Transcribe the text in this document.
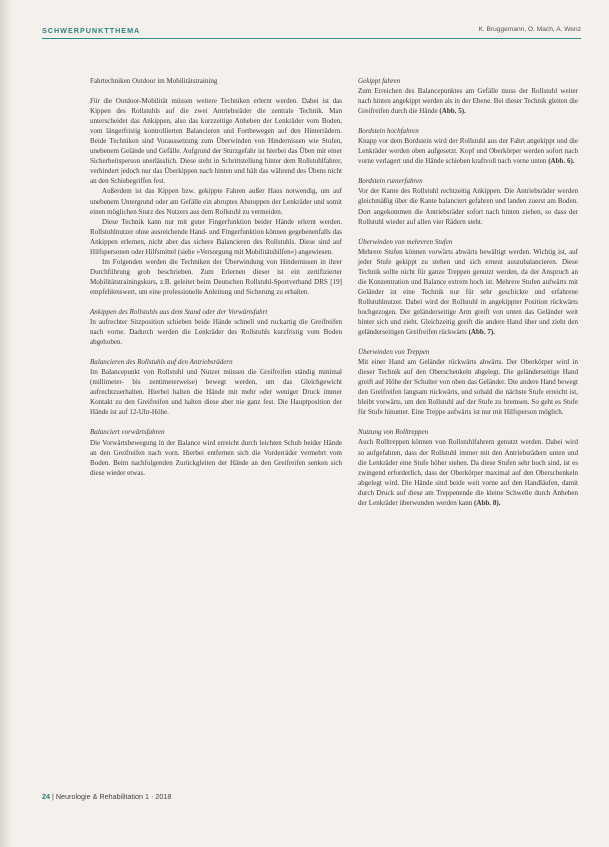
SCHWERPUNKTTHEMA	K. Bruggemann, O. Mach, A. Wenz

Fahrtechniken Outdoor im Mobilitätstraining

Für die Outdoor-Mobilität müssen weitere Techniken erlernt werden. Dabei ist das Kippen des Rollstuhls auf die zwei Antriebsräder die zentrale Technik. Man unterscheidet das Ankippen, also das kurzzeitige Anheben der Lenkräder vom Boden, vom längerfristig kontrollierten Balancieren und Fortbewegen auf den Hinterrädern. Beide Techniken sind Voraussetzung zum Überwinden von Hindernissen wie Stufen, unebenem Gelände und Gefälle. Aufgrund der Sturzgefahr ist hierbei das Üben mit einer Sicherheitsperson unerlässlich. Diese steht in Schrittstellung hinter dem Rollstuhlfahrer, verhindert jedoch nur das Überkippen nach hinten und hält das während des Übens nicht an den Schiebegriffen fest.

Außerdem ist das Kippen bzw. gekippte Fahren außer Haus notwendig, um auf unebenem Untergrund oder am Gefälle ein abruptes Abstoppen der Lenkräder und somit einen möglichen Sturz des Nutzers aus dem Rollstuhl zu vermeiden.

Diese Technik kann nur mit guter Fingerfunktion beider Hände erlernt werden. Rollstuhlnutzer ohne ausreichende Hand- und Fingerfunktion können gegebenenfalls das Ankippen erlernen, nicht aber das sichere Balancieren des Rollstuhls. Diese sind auf Hilfspersonen oder Hilfsmittel (siehe »Versorgung mit Mobilitätshilfen«) angewiesen.

Im Folgenden werden die Techniken der Überwindung von Hindernissen in ihrer Durchführung grob beschrieben. Zum Erlernen dieser ist ein zertifizierter Mobilitätstrainingskurs, z.B. geleitet beim Deutschen Rollstuhl-Sportverband DRS [19] empfehlenswert, um eine professionelle Anleitung und Sicherung zu erhalten.

Ankippen des Rollstuhls aus dem Stand oder der Vorwärtsfahrt

In aufrechter Sitzposition schieben beide Hände schnell und ruckartig die Greifreifen nach vorne. Dadurch werden die Lenkräder des Rollstuhls kurzfristig vom Boden abgehoben.

Balancieren des Rollstuhls auf den Antriebsrädern

Im Balancepunkt von Rollstuhl und Nutzer müssen die Greifreifen ständig minimal (millimeter- bis zentimeterweise) bewegt werden, um das Gleichgewicht aufrechtzuerhalten. Hierbei halten die Hände mit mehr oder weniger Druck immer Kontakt zu den Greifreifen und halten diese aber nie ganz fest. Die Hauptposition der Hände ist auf 12-Uhr-Höhe.

Balanciert vorwärtsfahren

Die Vorwärtsbewegung in der Balance wird erreicht durch leichten Schub beider Hände an den Greifreifen nach vorn. Hierbei entfernen sich die Vorderräder vermehrt vom Boden. Beim nachfolgenden Zurückgleiten der Hände an den Greifreifen senken sich diese wieder etwas.

Gekippt fahren

Zum Erreichen des Balancepunktes am Gefälle muss der Rollstuhl weiter nach hinten angekippt werden als in der Ebene. Bei dieser Technik gleiten die Greifreifen durch die Hände (Abb. 5).

Bordstein hochfahren

Knapp vor dem Bordstein wird der Rollstuhl aus der Fahrt angekippt und die Lenkräder werden oben aufgesetzt. Kopf und Oberkörper werden sofort nach vorne verlagert und die Hände schieben kraftvoll nach vorne unten (Abb. 6).

Bordstein runterfahren

Vor der Kante des Rollstuhl rechtzeitig Ankippen. Die Antriebsräder werden gleichmäßig über die Kante balanciert gefahren und landen zuerst am Boden. Dort angekommen die Antriebsräder sofort nach hinten ziehen, so dass der Rollstuhl wieder auf allen vier Rädern steht.

Überwinden von mehreren Stufen

Mehrere Stufen können vorwärts abwärts bewältigt werden. Wichtig ist, auf jeder Stufe gekippt zu stehen und sich erneut auszubalancieren. Diese Technik sollte nicht für ganze Treppen genutzt werden, da der Anspruch an die Konzentration und Balance extrem hoch ist. Mehrere Stufen aufwärts mit Geländer ist eine Technik nur für sehr geschickte und erfahrene Rollstuhlnutzer. Dabei wird der Rollstuhl in angekippter Position rückwärts hochgezogen. Der geländerseitige Arm greift von unten das Geländer weit hinter sich und zieht. Gleichzeitig greift die andere Hand über und zieht den geländerseitigen Greifreifen rückwärts (Abb. 7).

Überwinden von Treppen

Mit einer Hand am Geländer rückwärts abwärts. Der Oberkörper wird in dieser Technik auf den Oberschenkeln abgelegt. Die geländerseitige Hand greift auf Höhe der Schulter von oben das Geländer. Die andere Hand bewegt den Greifreifen langsam rückwärts, und sobald die nächste Stufe erreicht ist, bleibt vorwärts, um den Rollstuhl auf der Stufe zu bremsen. So geht es Stufe für Stufe hinunter. Eine Treppe aufwärts ist nur mit Hilfsperson möglich.

Nutzung von Rolltreppen

Auch Rolltreppen können von Rollstuhlfahrern genutzt werden. Dabei wird so aufgefahren, dass der Rollstuhl immer mit den Antriebsrädern unten und die Lenkräder eine Stufe höher stehen. Da diese Stufen sehr hoch sind, ist es zwingend erforderlich, dass der Oberkörper maximal auf den Oberschenkeln abgelegt wird. Die Hände sind beide weit vorne auf den Handläufen, damit durch Druck auf diese am Treppenende die kleine Schwelle durch Anheben der Lenkräder überwunden werden kann (Abb. 8).

24 | Neurologie & Rehabilitation 1 · 2018
